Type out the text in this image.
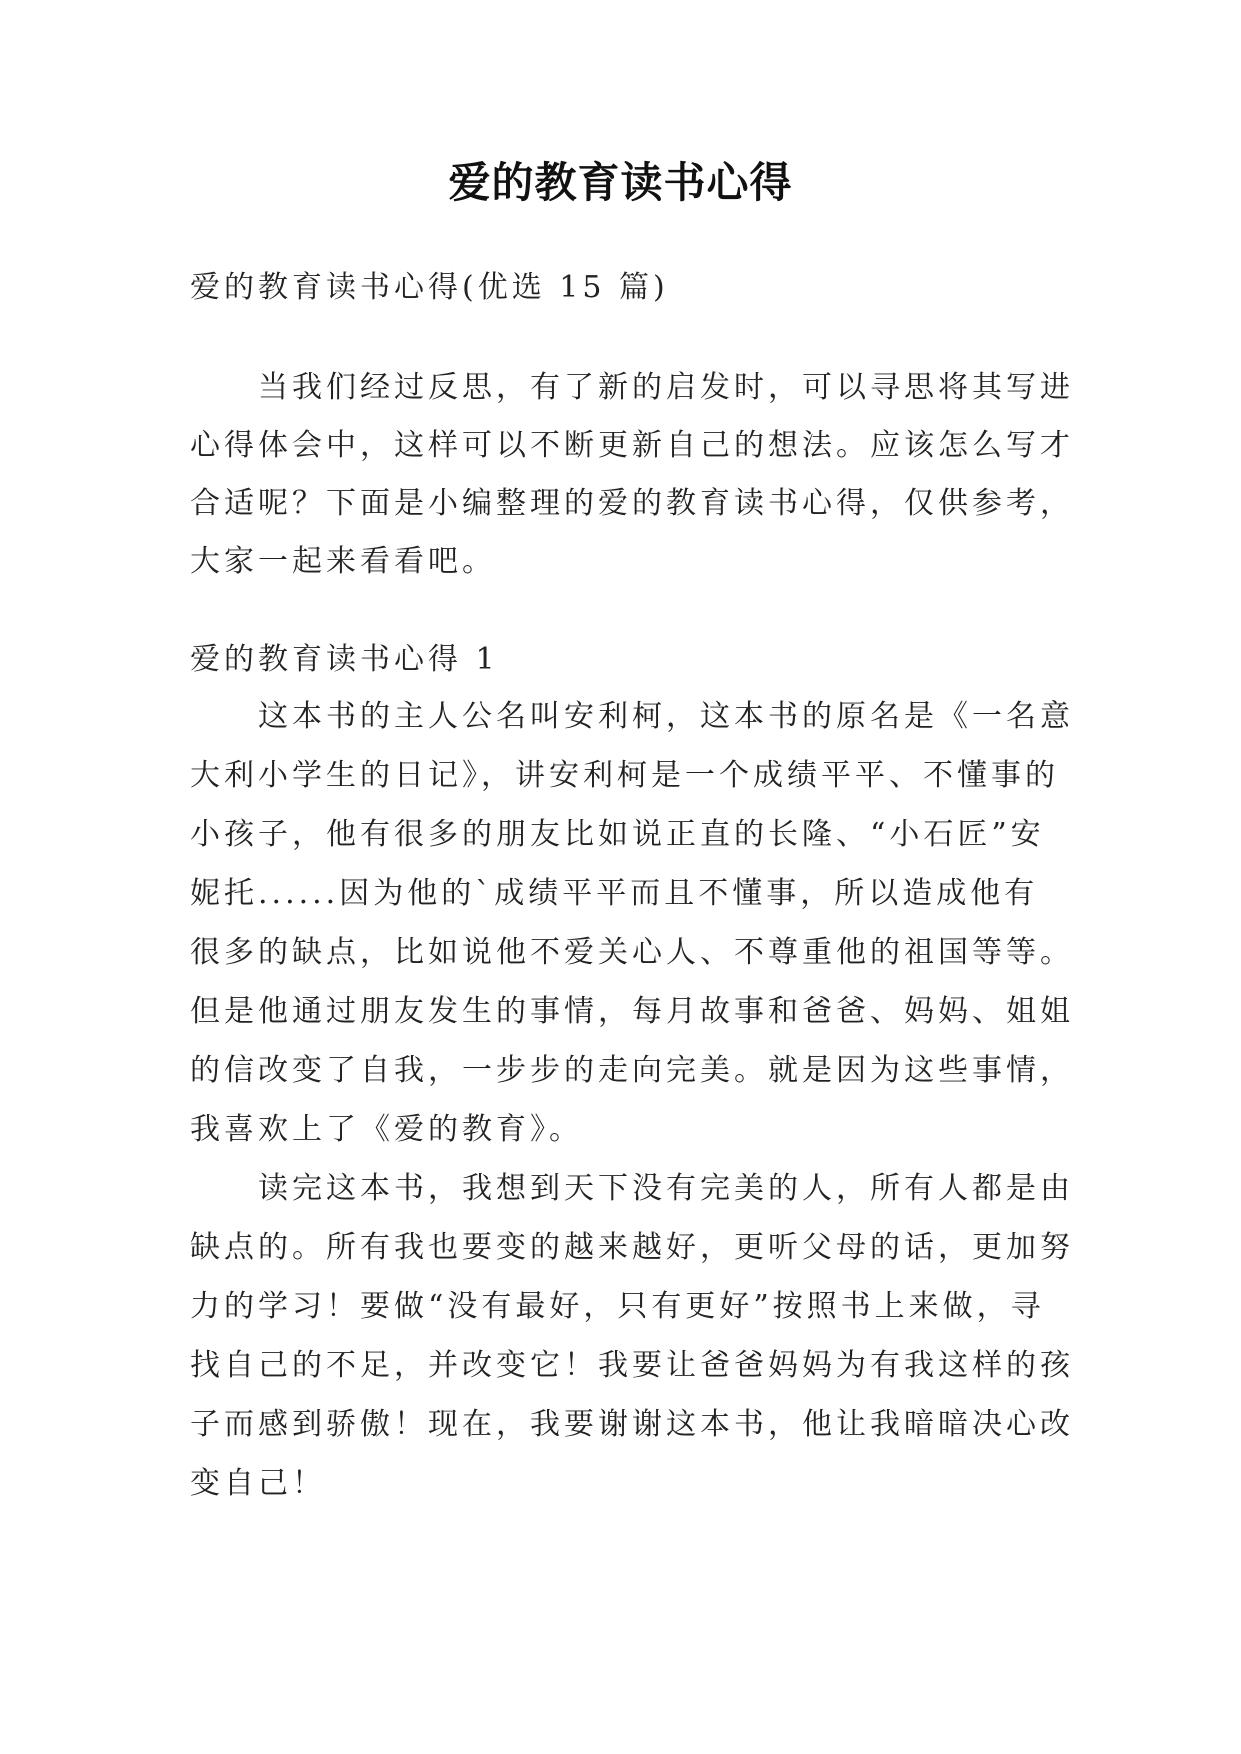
爱的教育读书心得
爱的教育读书心得(优选 15 篇)
　　当我们经过反思，有了新的启发时，可以寻思将其写进
心得体会中，这样可以不断更新自己的想法。应该怎么写才
合适呢？下面是小编整理的爱的教育读书心得，仅供参考，
大家一起来看看吧。
爱的教育读书心得 1
　　这本书的主人公名叫安利柯，这本书的原名是《一名意
大利小学生的日记》，讲安利柯是一个成绩平平、不懂事的
小孩子，他有很多的朋友比如说正直的长隆、“小石匠”安
妮托......因为他的`成绩平平而且不懂事，所以造成他有
很多的缺点，比如说他不爱关心人、不尊重他的祖国等等。
但是他通过朋友发生的事情，每月故事和爸爸、妈妈、姐姐
的信改变了自我，一步步的走向完美。就是因为这些事情，
我喜欢上了《爱的教育》。
　　读完这本书，我想到天下没有完美的人，所有人都是由
缺点的。所有我也要变的越来越好，更听父母的话，更加努
力的学习！要做“没有最好，只有更好”按照书上来做，寻
找自己的不足，并改变它！我要让爸爸妈妈为有我这样的孩
子而感到骄傲！现在，我要谢谢这本书，他让我暗暗决心改
变自己！
